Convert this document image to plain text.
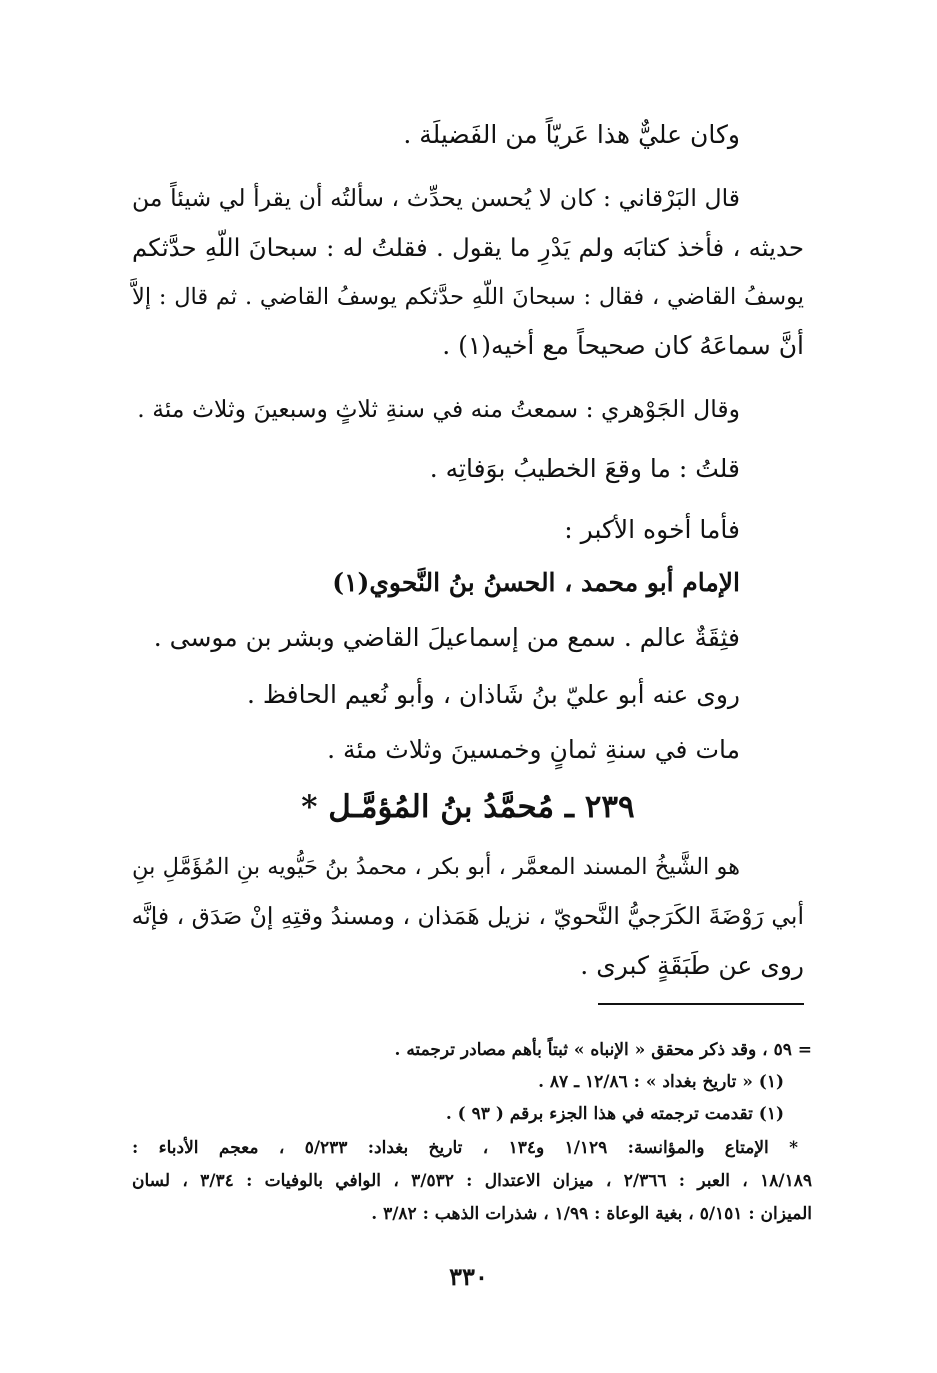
وكان عليٌّ هذا عَريّاً من الفَضيلَة .
قال البَرْقاني : كان لا يُحسن يحدِّث ، سألتُه أن يقرأ لي شيئاً من
حديثه ، فأخذ كتابَه ولم يَدْرِ ما يقول . فقلتُ له : سبحانَ اللّهِ حدَّثكم
يوسفُ القاضي ، فقال : سبحانَ اللّهِ حدَّثكم يوسفُ القاضي . ثم قال : إلاَّ
أنَّ سماعَهُ كان صحيحاً مع أخيه(١) .
وقال الجَوْهري : سمعتُ منه في سنةِ ثلاثٍ وسبعينَ وثلاث مئة .
قلتُ : ما وقعَ الخطيبُ بوَفاتِه .
فأما أخوه الأكبر :
الإمام أبو محمد ، الحسنُ بنُ النَّحوي(١)
فثِقَةٌ عالم . سمع من إسماعيلَ القاضي وبشر بن موسى .
روى عنه أبو عليّ بنُ شَاذان ، وأبو نُعيم الحافظ .
مات في سنةِ ثمانٍ وخمسينَ وثلاث مئة .
٢٣٩ ـ مُحمَّدُ بنُ المُؤمَّـل *
هو الشَّيخُ المسند المعمَّر ، أبو بكر ، محمدُ بنُ حَيُّويه بنِ المُؤَمَّلِ بنِ
أبي رَوْضَةَ الكَرَجيُّ النَّحويّ ، نزيل هَمَذان ، ومسندُ وقتِهِ إنْ صَدَق ، فإنَّه
روى عن طَبَقَةٍ كبرى .
= ٥٩ ، وقد ذكر محقق « الإنباه » ثبتاً بأهم مصادر ترجمته .
(١) « تاريخ بغداد » : ١٢/٨٦ ـ ٨٧ .
(١) تقدمت ترجمته في هذا الجزء برقم ( ٩٣ ) .
* الإمتاع والمؤانسة: ١/١٢٩ و١٣٤ ، تاريخ بغداد: ٥/٢٣٣ ، معجم الأدباء :
١٨/١٨٩ ، العبر : ٢/٣٦٦ ، ميزان الاعتدال : ٣/٥٣٢ ، الوافي بالوفيات : ٣/٣٤ ، لسان
الميزان : ٥/١٥١ ، بغية الوعاة : ١/٩٩ ، شذرات الذهب : ٣/٨٢ .
٣٣٠
